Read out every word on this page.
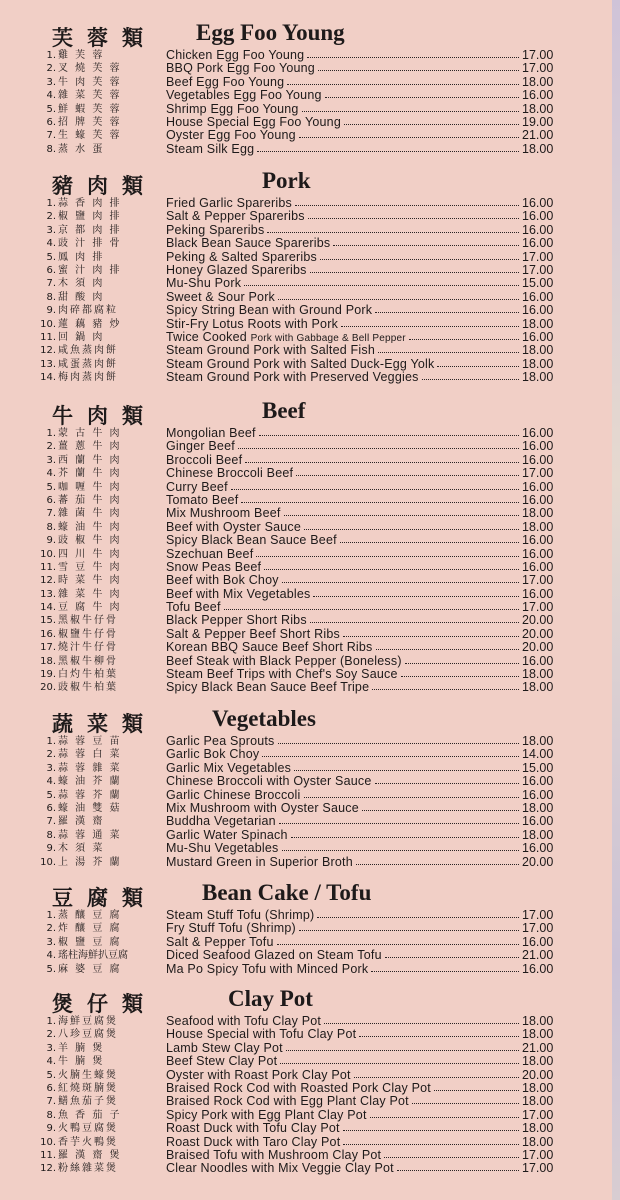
芙蓉類 Egg Foo Young
1. 雞 芙 蓉	Chicken Egg Foo Young	17.00
2. 叉 燒 芙 蓉	BBQ Pork Egg Foo Young	17.00
3. 牛 肉 芙 蓉	Beef Egg Foo Young	18.00
4. 雜 菜 芙 蓉	Vegetables Egg Foo Young	16.00
5. 鮮 蝦 芙 蓉	Shrimp Egg Foo Young	18.00
6. 招 牌 芙 蓉	House Special Egg Foo Young	19.00
7. 生 蠔 芙 蓉	Oyster Egg Foo Young	21.00
8. 蒸 水 蛋	Steam Silk Egg	18.00
豬肉類	Pork
1. 蒜 香 肉 排	Fried Garlic Spareribs	16.00
2. 椒 鹽 肉 排	Salt & Pepper Spareribs	16.00
3. 京 都 肉 排	Peking Spareribs	16.00
4. 豉 汁 排 骨	Black Bean Sauce Spareribs	16.00
5. 鳳 肉 排	Peking & Salted Spareribs	17.00
6. 蜜 汁 肉 排	Honey Glazed Spareribs	17.00
7. 木 須 肉	Mu-Shu Pork	15.00
8. 甜 酸 肉	Sweet & Sour Pork	16.00
9. 肉碎都腐粒	Spicy String Bean with Ground Pork	16.00
10. 蓮 藕 豬 炒	Stir-Fry Lotus Roots with Pork	18.00
11. 回 鍋 肉	Twice Cooked Pork with Gabbage & Bell Pepper	16.00
12. 咸魚蒸肉餅	Steam Ground Pork with Salted Fish	18.00
13. 咸蛋蒸肉餅	Steam Ground Pork with Salted Duck-Egg Yolk	18.00
14. 梅肉蒸肉餅	Steam Ground Pork with Preserved Veggies	18.00
牛肉類	Beef
1. 蒙 古 牛 肉	Mongolian Beef	16.00
2. 薑 蔥 牛 肉	Ginger Beef	16.00
3. 西 蘭 牛 肉	Broccoli Beef	16.00
4. 芥 蘭 牛 肉	Chinese Broccoli Beef	17.00
5. 咖 喱 牛 肉	Curry Beef	16.00
6. 蕃 茄 牛 肉	Tomato Beef	16.00
7. 雜 菌 牛 肉	Mix Mushroom Beef	18.00
8. 蠔 油 牛 肉	Beef with Oyster Sauce	18.00
9. 豉 椒 牛 肉	Spicy Black Bean Sauce Beef	16.00
10. 四 川 牛 肉	Szechuan Beef	16.00
11. 雪 豆 牛 肉	Snow Peas Beef	16.00
12. 時 菜 牛 肉	Beef with Bok Choy	17.00
13. 雜 菜 牛 肉	Beef with Mix Vegetables	16.00
14. 豆 腐 牛 肉	Tofu Beef	17.00
15. 黑椒牛仔骨	Black Pepper Short Ribs	20.00
16. 椒鹽牛仔骨	Salt & Pepper Beef Short Ribs	20.00
17. 燒汁牛仔骨	Korean BBQ Sauce Beef Short Ribs	20.00
18. 黑椒牛柳骨	Beef Steak with Black Pepper (Boneless)	16.00
19. 白灼牛柏葉	Steam Beef Trips with Chef's Soy Sauce	18.00
20. 豉椒牛柏葉	Spicy Black Bean Sauce Beef Tripe	18.00
蔬菜類 Vegetables
1. 蒜 蓉 豆 苗	Garlic Pea Sprouts	18.00
2. 蒜 蓉 白 菜	Garlic Bok Choy	14.00
3. 蒜 蓉 雜 菜	Garlic Mix Vegetables	15.00
4. 蠔 油 芥 蘭	Chinese Broccoli with Oyster Sauce	16.00
5. 蒜 蓉 芥 蘭	Garlic Chinese Broccoli	16.00
6. 蠔 油 雙 菇	Mix Mushroom with Oyster Sauce	18.00
7. 羅 漢 齋	Buddha Vegetarian	16.00
8. 蒜 蓉 通 菜	Garlic Water Spinach	18.00
9. 木 須 菜	Mu-Shu Vegetables	16.00
10. 上 湯 芥 蘭	Mustard Green in Superior Broth	20.00
豆腐類 Bean Cake / Tofu
1. 蒸 釀 豆 腐	Steam Stuff Tofu (Shrimp)	17.00
2. 炸 釀 豆 腐	Fry Stuff Tofu (Shrimp)	17.00
3. 椒 鹽 豆 腐	Salt & Pepper Tofu	16.00
4. 瑤柱海鮮扒豆腐	Diced Seafood Glazed on Steam Tofu	21.00
5. 麻 婆 豆 腐	Ma Po Spicy Tofu with Minced Pork	16.00
煲仔類	Clay Pot
1. 海鮮豆腐煲	Seafood with Tofu Clay Pot	18.00
2. 八珍豆腐煲	House Special with Tofu Clay Pot	18.00
3. 羊 腩 煲	Lamb Stew Clay Pot	21.00
4. 牛 腩 煲	Beef Stew Clay Pot	18.00
5. 火腩生蠔煲	Oyster with Roast Pork Clay Pot	20.00
6. 紅燒斑腩煲	Braised Rock Cod with Roasted Pork Clay Pot	18.00
7. 鱔魚茄子煲	Braised Rock Cod with Egg Plant Clay Pot	18.00
8. 魚 香 茄 子	Spicy Pork with Egg Plant Clay Pot	17.00
9. 火鴨豆腐煲	Roast Duck with Tofu Clay Pot	18.00
10. 香芋火鴨煲	Roast Duck with Taro Clay Pot	18.00
11. 羅 漢 齋 煲	Braised Tofu with Mushroom Clay Pot	17.00
12. 粉絲雜菜煲	Clear Noodles with Mix Veggie Clay Pot	17.00
